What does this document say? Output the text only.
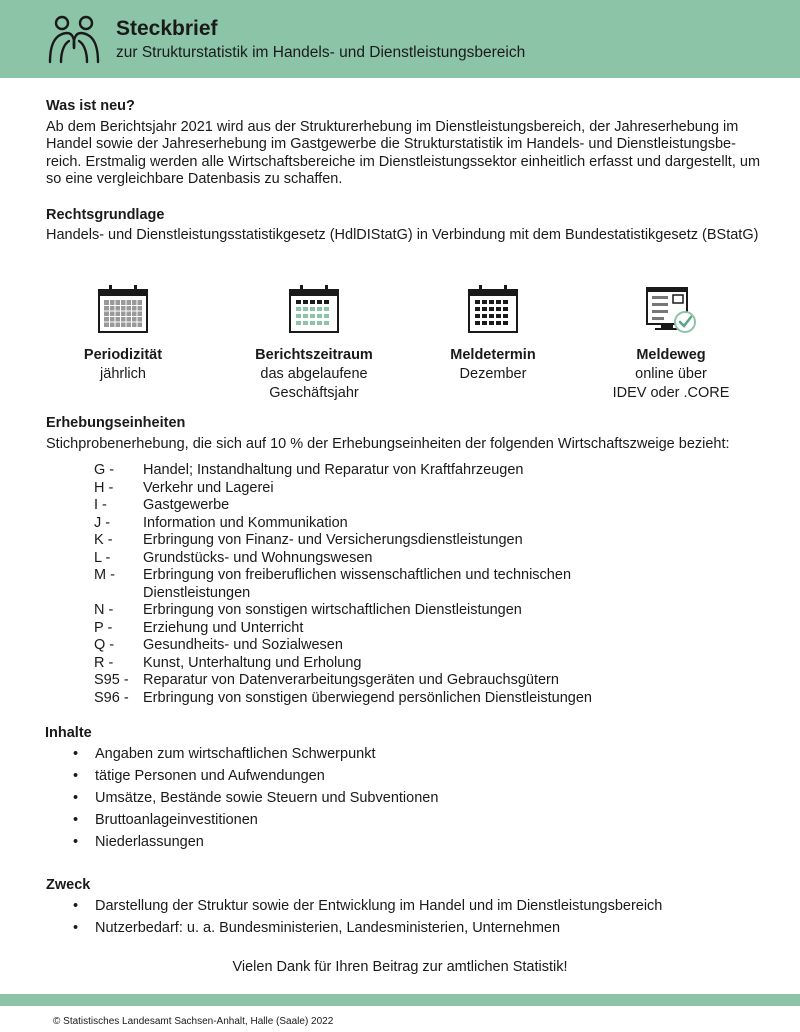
Steckbrief
zur Strukturstatistik im Handels- und Dienstleistungsbereich
Was ist neu?

Ab dem Berichtsjahr 2021 wird aus der Strukturerhebung im Dienstleistungsbereich, der Jahreserhebung im Handel sowie der Jahreserhebung im Gastgewerbe die Strukturstatistik im Handels- und Dienstleistungsbe-reich. Erstmalig werden alle Wirtschaftsbereiche im Dienstleistungssektor einheitlich erfasst und dargestellt, um so eine vergleichbare Datenbasis zu schaffen.

Rechtsgrundlage

Handels- und Dienstleistungsstatistikgesetz (HdlDIStatG) in Verbindung mit dem Bundestatistikgesetz (BStatG)

Periodizität
jährlich
Berichtszeitraum
das abgelaufene
Geschäftsjahr
Meldetermin
Dezember
Meldeweg
online über
IDEV oder .CORE
Erhebungseinheiten

Stichprobenerhebung, die sich auf 10 % der Erhebungseinheiten der folgenden Wirtschaftszweige bezieht:

G - Handel; Instandhaltung und Reparatur von Kraftfahrzeugen
H - Verkehr und Lagerei
I - Gastgewerbe
J - Information und Kommunikation
K - Erbringung von Finanz- und Versicherungsdienstleistungen
L - Grundstücks- und Wohnungswesen
M - Erbringung von freiberuflichen wissenschaftlichen und technischen Dienstleistungen
N - Erbringung von sonstigen wirtschaftlichen Dienstleistungen
P - Erziehung und Unterricht
Q - Gesundheits- und Sozialwesen
R - Kunst, Unterhaltung und Erholung
S95 - Reparatur von Datenverarbeitungsgeräten und Gebrauchsgütern
S96 - Erbringung von sonstigen überwiegend persönlichen Dienstleistungen
Inhalte
• Angaben zum wirtschaftlichen Schwerpunkt
• tätige Personen und Aufwendungen
• Umsätze, Bestände sowie Steuern und Subventionen
• Bruttoanlageinvestitionen
• Niederlassungen
Zweck
• Darstellung der Struktur sowie der Entwicklung im Handel und im Dienstleistungsbereich
• Nutzerbedarf: u. a. Bundesministerien, Landesministerien, Unternehmen
Vielen Dank für Ihren Beitrag zur amtlichen Statistik!
© Statistisches Landesamt Sachsen-Anhalt, Halle (Saale) 2022
